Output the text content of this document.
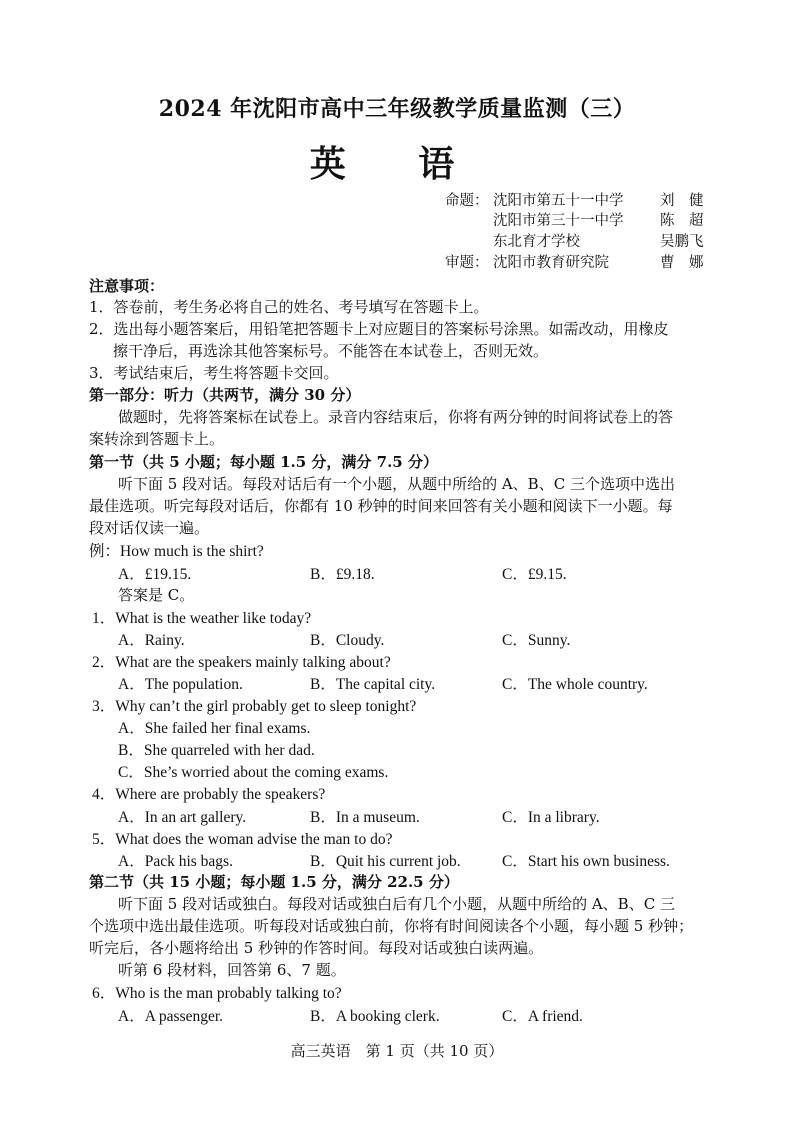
2024 年沈阳市高中三年级教学质量监测（三）
英 语
命题： 沈阳市第五十一中学	刘　健
沈阳市第三十一中学	陈　超
东北育才学校	吴鹏飞
审题： 沈阳市教育研究院	曹　娜
注意事项：
1．答卷前，考生务必将自己的姓名、考号填写在答题卡上。
2．选出每小题答案后，用铅笔把答题卡上对应题目的答案标号涂黑。如需改动，用橡皮
擦干净后，再选涂其他答案标号。不能答在本试卷上，否则无效。
3．考试结束后，考生将答题卡交回。
第一部分：听力（共两节，满分 30 分）
做题时，先将答案标在试卷上。录音内容结束后，你将有两分钟的时间将试卷上的答
案转涂到答题卡上。
第一节（共 5 小题；每小题 1.5 分，满分 7.5 分）
听下面 5 段对话。每段对话后有一个小题，从题中所给的 A、B、C 三个选项中选出
最佳选项。听完每段对话后，你都有 10 秒钟的时间来回答有关小题和阅读下一小题。每
段对话仅读一遍。
例：How much is the shirt?
A．£19.15.	B．£9.18.	C．£9.15.
答案是 C。
1．What is the weather like today?
A．Rainy.	B．Cloudy.	C．Sunny.
2．What are the speakers mainly talking about?
A．The population.	B．The capital city.	C．The whole country.
3．Why can’t the girl probably get to sleep tonight?
A．She failed her final exams.
B．She quarreled with her dad.
C．She’s worried about the coming exams.
4．Where are probably the speakers?
A．In an art gallery.	B．In a museum.	C．In a library.
5．What does the woman advise the man to do?
A．Pack his bags.	B．Quit his current job.	C．Start his own business.
第二节（共 15 小题；每小题 1.5 分，满分 22.5 分）
听下面 5 段对话或独白。每段对话或独白后有几个小题，从题中所给的 A、B、C 三
个选项中选出最佳选项。听每段对话或独白前，你将有时间阅读各个小题，每小题 5 秒钟；
听完后，各小题将给出 5 秒钟的作答时间。每段对话或独白读两遍。
听第 6 段材料，回答第 6、7 题。
6．Who is the man probably talking to?
A．A passenger.	B．A booking clerk.	C．A friend.
高三英语　第 1 页（共 10 页）
